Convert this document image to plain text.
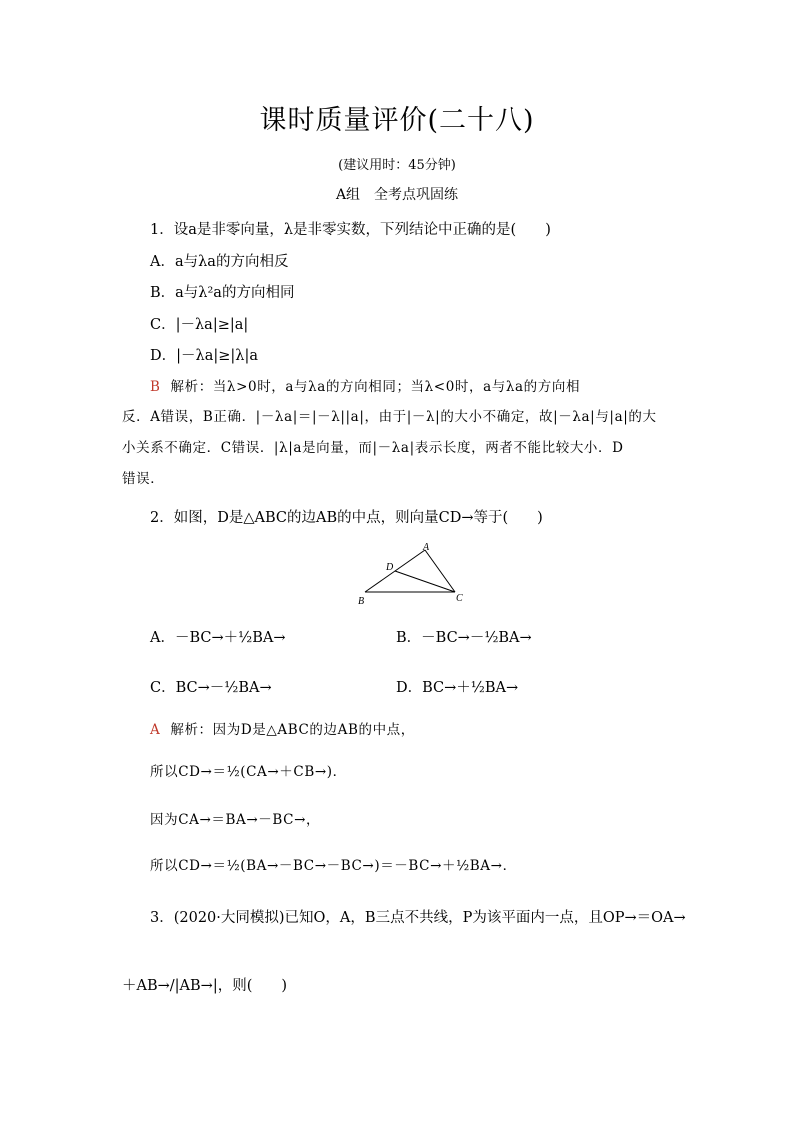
课时质量评价(二十八)
(建议用时：45分钟)
A组　全考点巩固练
1．设a是非零向量，λ是非零实数，下列结论中正确的是(　　)
A．a与λa的方向相反
B．a与λ²a的方向相同
C．|－λa|≥|a|
D．|－λa|≥|λ|a
B 解析：当λ>0时，a与λa的方向相同；当λ<0时，a与λa的方向相
反．A错误，B正确．|－λa|＝|－λ||a|，由于|－λ|的大小不确定，故|－λa|与|a|的大
小关系不确定．C错误．|λ|a是向量，而|－λa|表示长度，两者不能比较大小．D
错误．
2．如图，D是△ABC的边AB的中点，则向量CD→等于(　　)
A
B	C
D
A．－BC→＋½BA→	B．－BC→－½BA→
C．BC→－½BA→	D．BC→＋½BA→
A 解析：因为D是△ABC的边AB的中点，
所以CD→＝½(CA→＋CB→)．
因为CA→＝BA→－BC→，
所以CD→＝½(BA→－BC→－BC→)＝－BC→＋½BA→．
3．(2020·大同模拟)已知O，A，B三点不共线，P为该平面内一点，且OP→＝OA→
＋AB→/|AB→|，则(　　)
